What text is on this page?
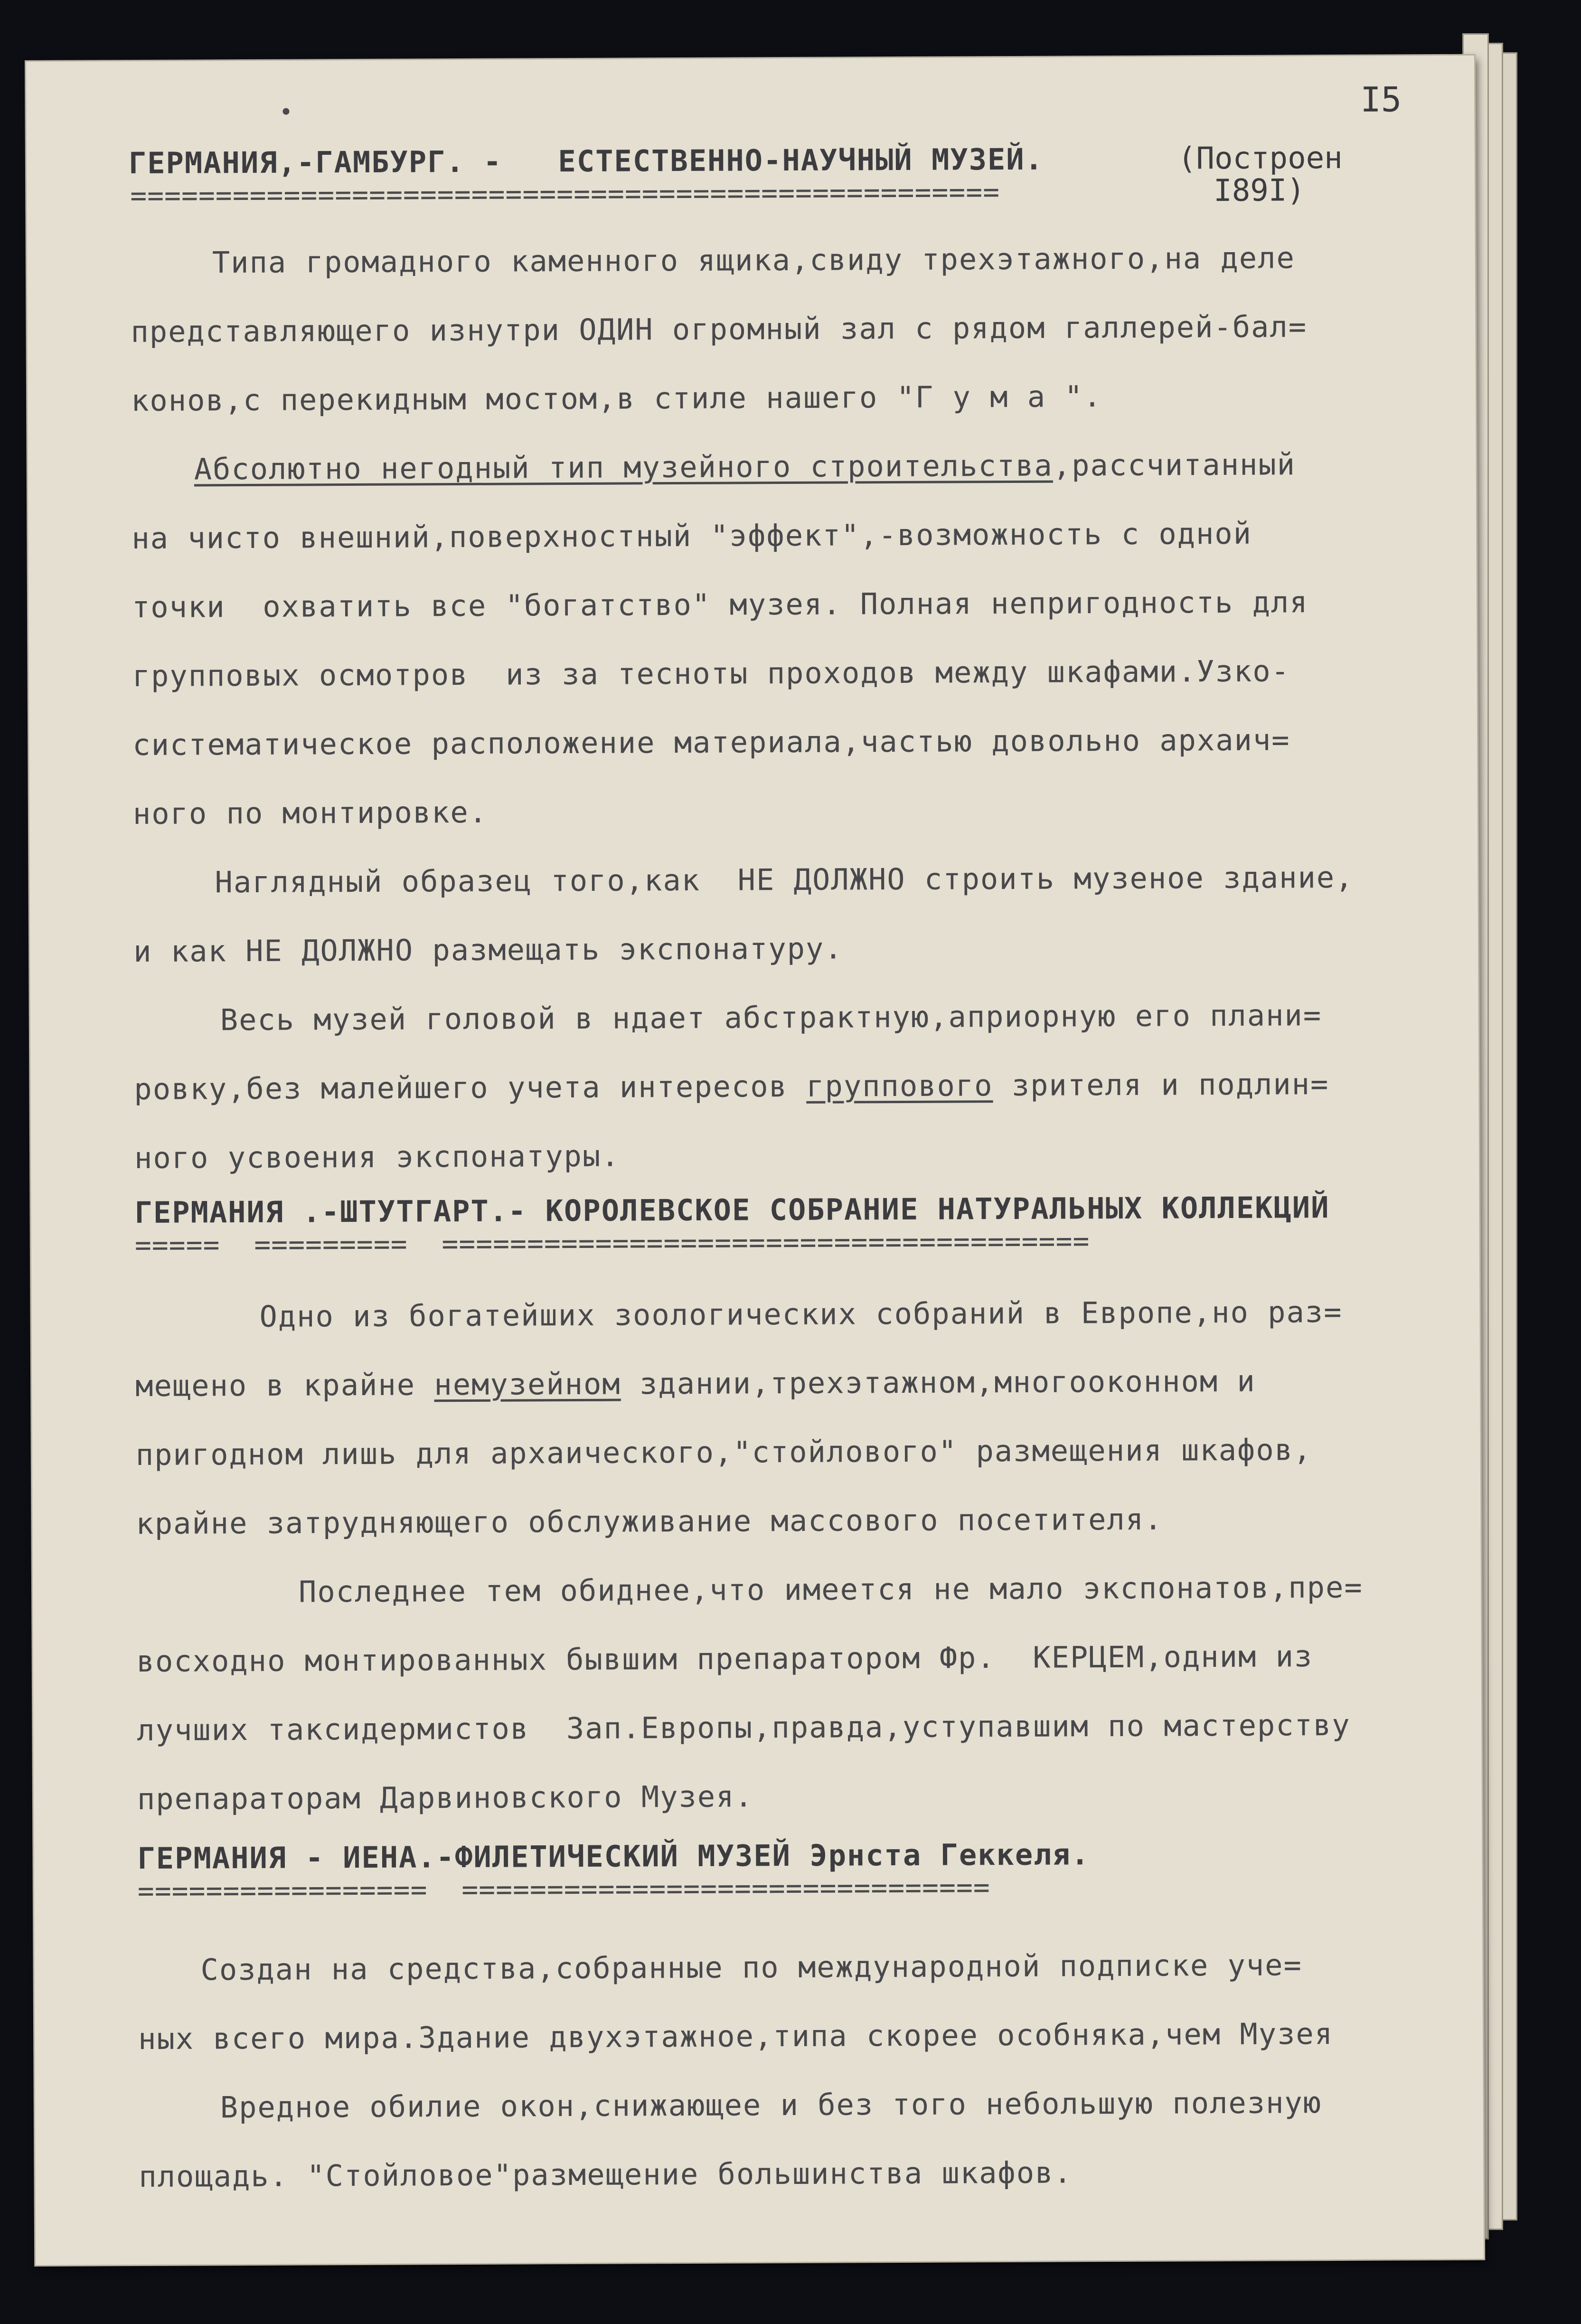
I5
ГЕРМАНИЯ,-ГАМБУРГ. -   ЕСТЕСТВЕННО-НАУЧНЫЙ МУЗЕЙ.	(Построен
I89I)
===================================================
Типа громадного каменного ящика,свиду трехэтажного,на деле
представляющего изнутри ОДИН огромный зал с рядом галлерей-бал=
конов,с перекидным мостом,в стиле нашего "Г у м а ".
Абсолютно негодный тип музейного строительства,рассчитанный
на чисто внешний,поверхностный "эффект",-возможность с одной
точки  охватить все "богатство" музея. Полная непригодность для
групповых осмотров  из за тесноты проходов между шкафами.Узко-
систематическое расположение материала,частью довольно архаич=
ного по монтировке.
Наглядный образец того,как  НЕ ДОЛЖНО строить музеное здание,
и как НЕ ДОЛЖНО размещать экспонатуру.
Весь музей головой в ндает абстрактную,априорную его плани=
ровку,без малейшего учета интересов группового зрителя и подлин=
ного усвоения экспонатуры.
ГЕРМАНИЯ .-ШТУТГАРТ.- КОРОЛЕВСКОЕ СОБРАНИЕ НАТУРАЛЬНЫХ КОЛЛЕКЦИЙ
=====  =========  ======================================
Одно из богатейших зоологических собраний в Европе,но раз=
мещено в крайне немузейном здании,трехэтажном,многооконном и
пригодном лишь для архаического,"стойлового" размещения шкафов,
крайне затрудняющего обслуживание массового посетителя.
Последнее тем обиднее,что имеется не мало экспонатов,пре=
восходно монтированных бывшим препаратором Фр.  КЕРЦЕМ,одним из
лучших таксидермистов  Зап.Европы,правда,уступавшим по мастерству
препараторам Дарвиновского Музея.
ГЕРМАНИЯ - ИЕНА.-ФИЛЕТИЧЕСКИЙ МУЗЕЙ Эрнста Геккеля.
=================  ===============================
Создан на средства,собранные по международной подписке уче=
ных всего мира.Здание двухэтажное,типа скорее особняка,чем Музея
Вредное обилие окон,снижающее и без того небольшую полезную
площадь. "Стойловое"размещение большинства шкафов.
